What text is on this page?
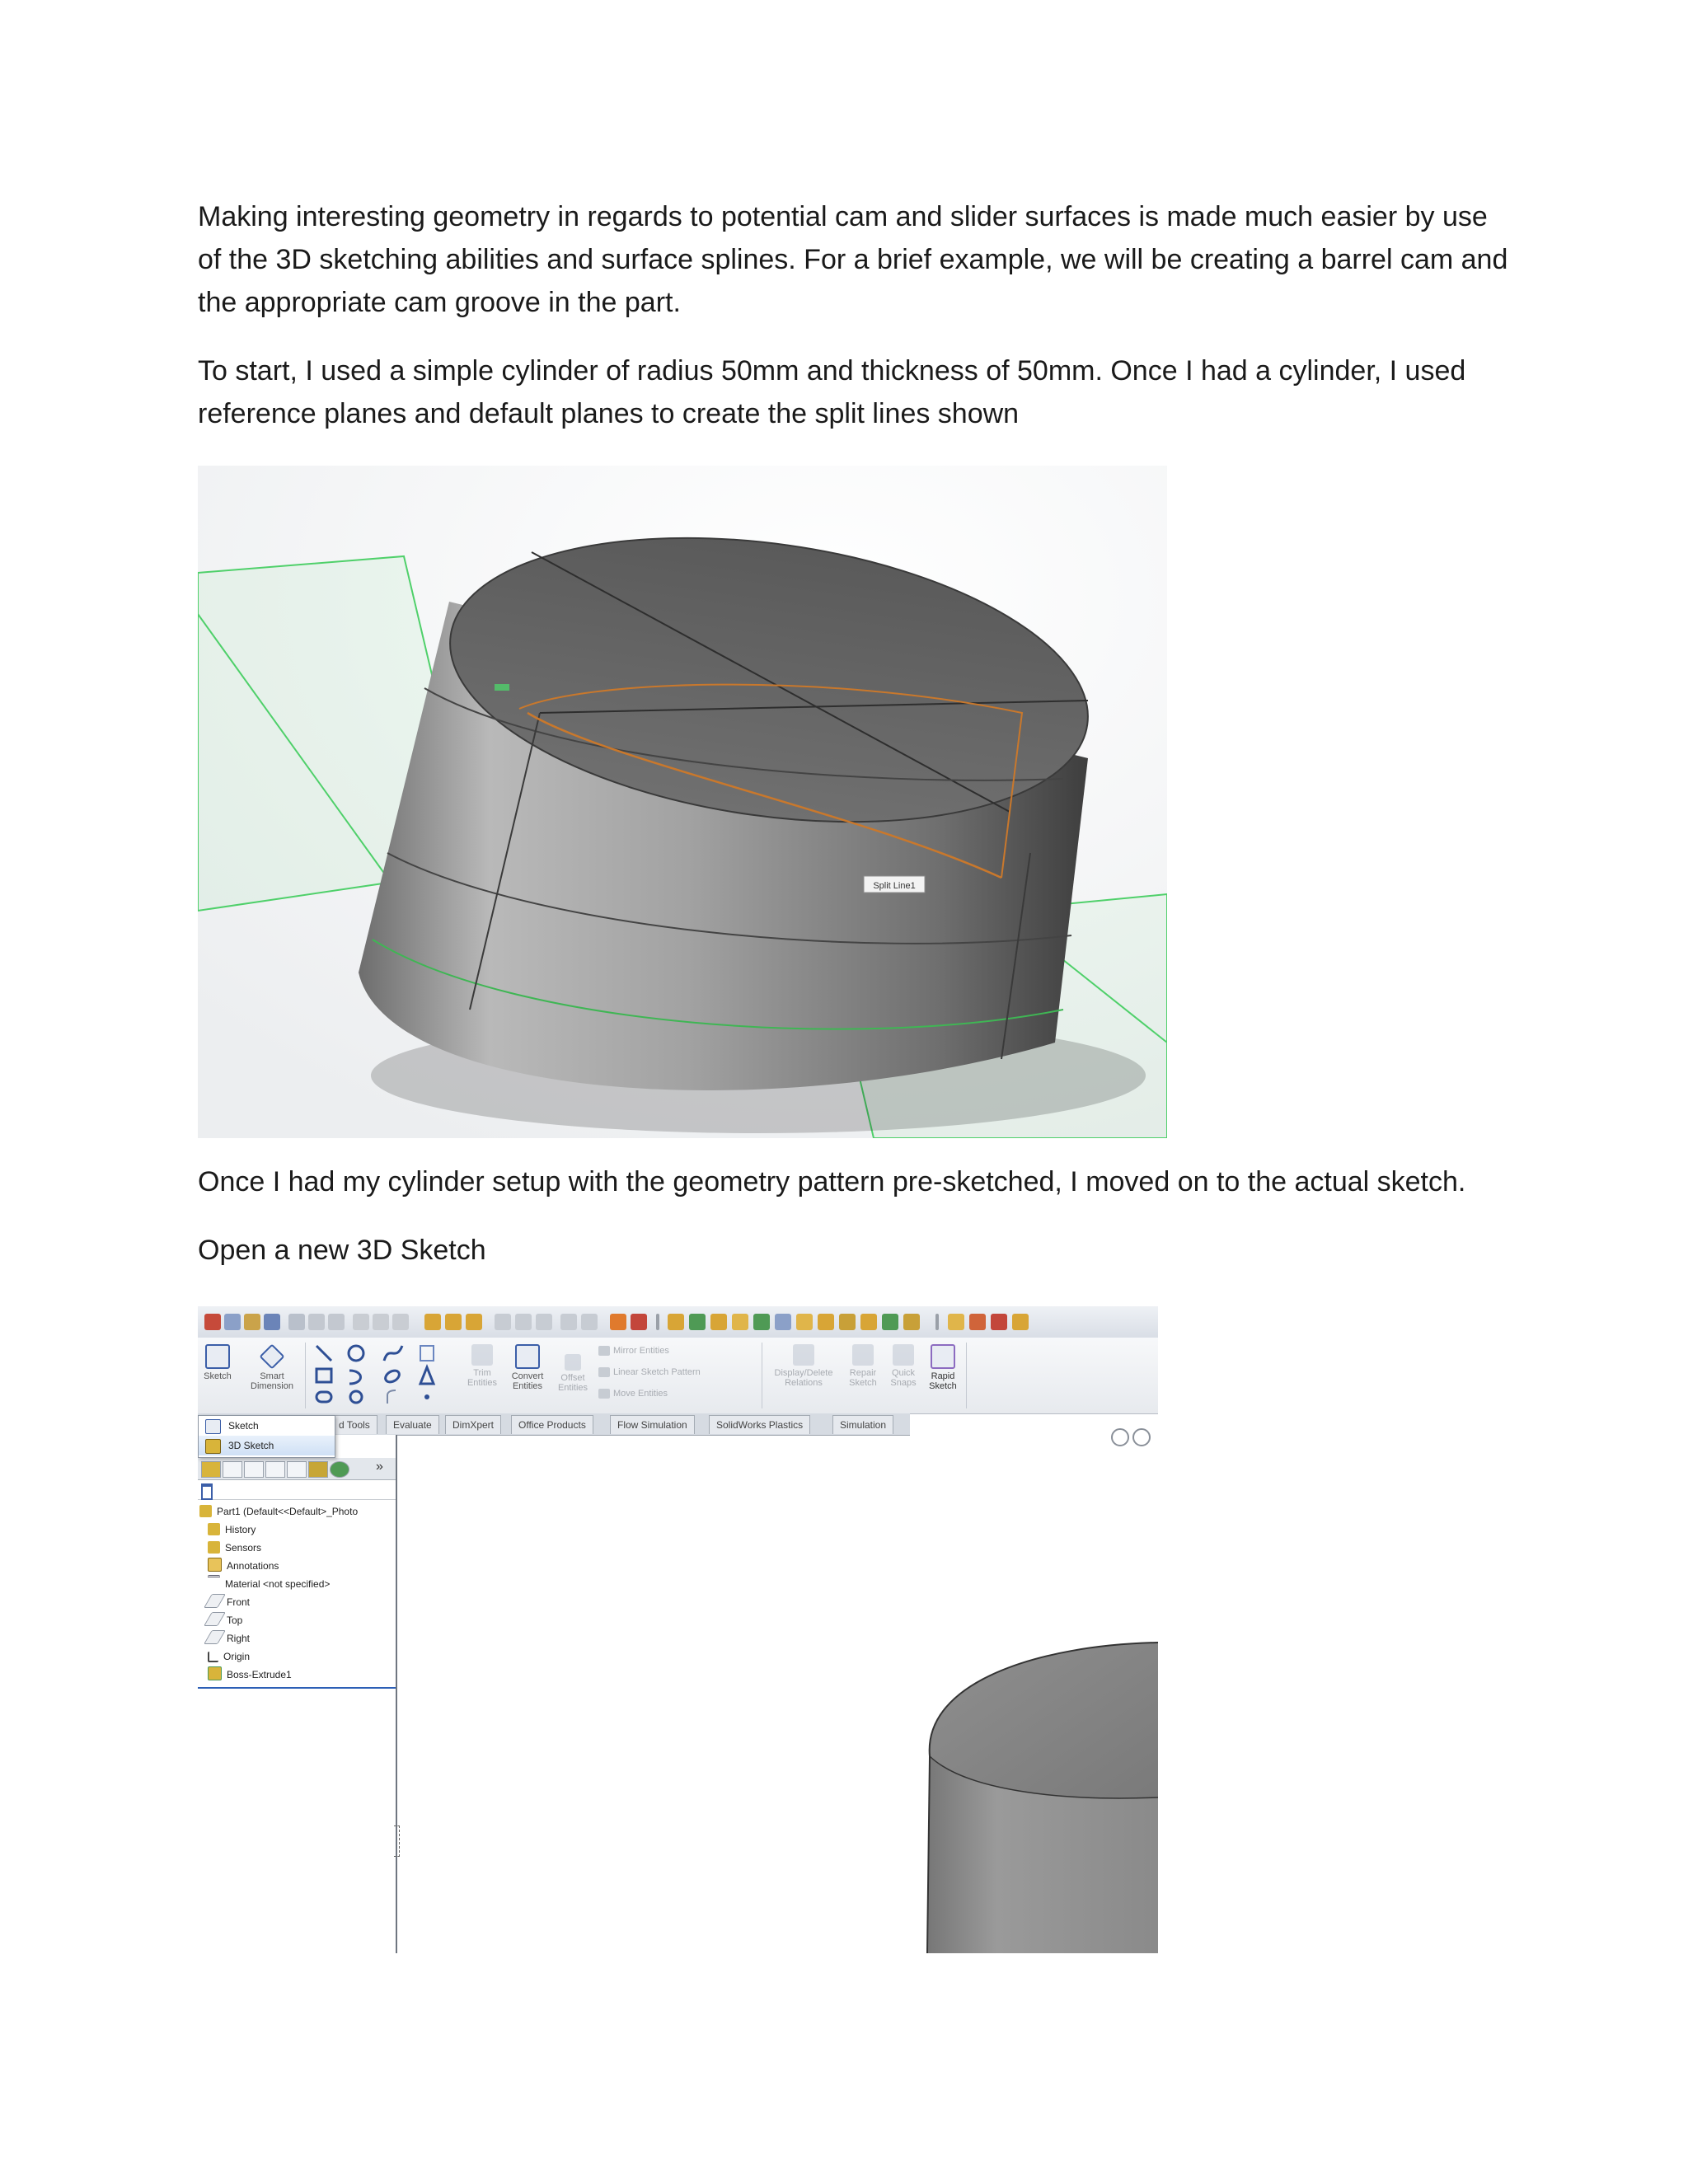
Making interesting geometry in regards to potential cam and slider surfaces is made much easier by use of the 3D sketching abilities and surface splines. For a brief example, we will be creating a barrel cam and the appropriate cam groove in the part.

To start, I used a simple cylinder of radius 50mm and thickness of 50mm. Once I had a cylinder, I used reference planes and default planes to create the split lines shown

Split Line1

Once I had my cylinder setup with the geometry pattern pre-sketched, I moved on to the actual sketch.

Open a new 3D Sketch

Sketch	Smart
Dimension
Trim
Entities
Convert
Entities
Offset
Entities
Mirror Entities
Linear Sketch Pattern
Move Entities
Display/Delete
Relations
Repair
Sketch
Quick
Snaps
Rapid
Sketch
d Tools	Evaluate	DimXpert	Office Products	Flow Simulation	SolidWorks Plastics	Simulation
»
Part1 (Default<<Default>_Photo
History
Sensors
Annotations
Material <not specified>
Front
Top
Right
Origin
Boss-Extrude1
Sketch
3D Sketch
